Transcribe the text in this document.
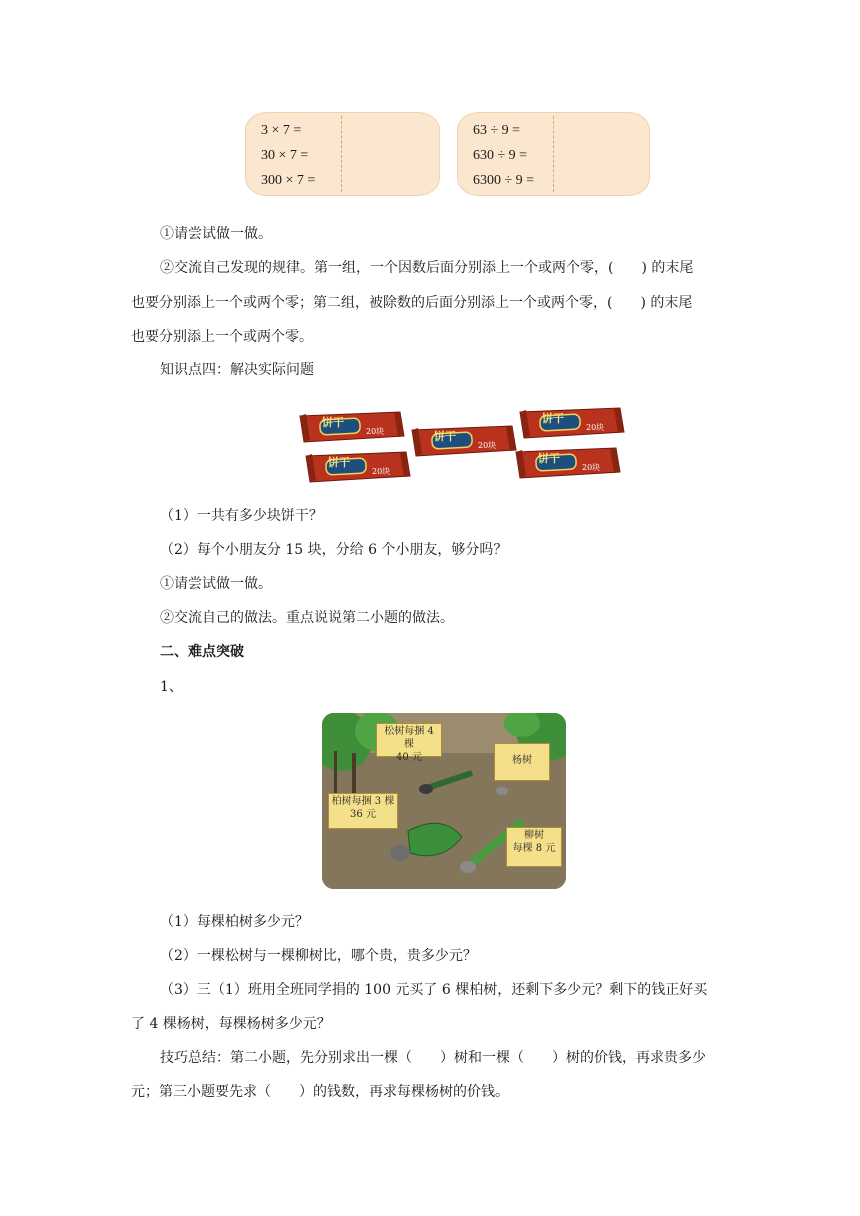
3 × 7 =
30 × 7 =
300 × 7 =
63 ÷ 9 =
630 ÷ 9 =
6300 ÷ 9 =
①请尝试做一做。
②交流自己发现的规律。第一组，一个因数后面分别添上一个或两个零，(　　) 的末尾
也要分别添上一个或两个零；第二组，被除数的后面分别添上一个或两个零，(　　) 的末尾
也要分别添上一个或两个零。
知识点四：解决实际问题
饼干
20块
饼干
20块
饼干
20块
饼干
20块
饼干
20块
（1）一共有多少块饼干？
（2）每个小朋友分 15 块，分给 6 个小朋友，够分吗？
①请尝试做一做。
②交流自己的做法。重点说说第二小题的做法。
二、难点突破
1、
松树每捆 4 棵
40 元	杨树
柏树每捆 3 棵
36 元
柳树
每棵 8 元
（1）每棵柏树多少元？
（2）一棵松树与一棵柳树比，哪个贵，贵多少元？
（3）三（1）班用全班同学捐的 100 元买了 6 棵柏树，还剩下多少元？剩下的钱正好买
了 4 棵杨树，每棵杨树多少元？
技巧总结：第二小题，先分别求出一棵（　　）树和一棵（　　）树的价钱，再求贵多少
元；第三小题要先求（　　）的钱数，再求每棵杨树的价钱。
